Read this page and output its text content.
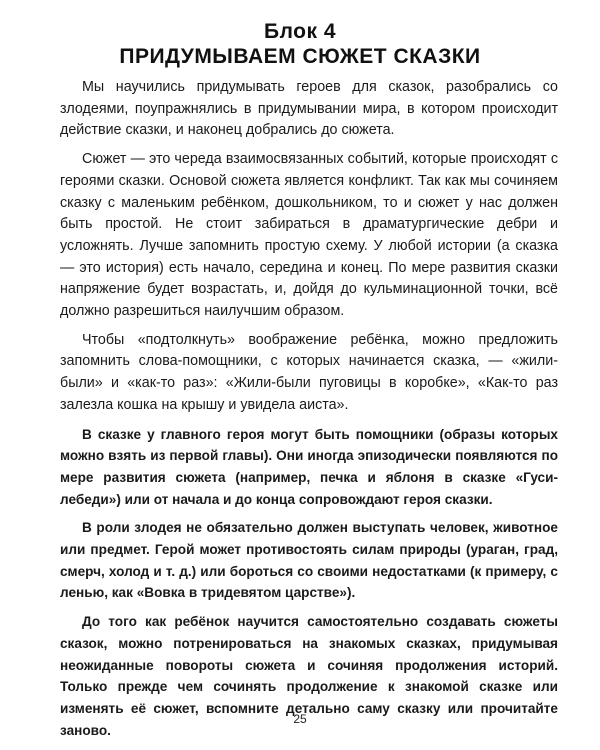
Блок 4
ПРИДУМЫВАЕМ СЮЖЕТ СКАЗКИ

Мы научились придумывать героев для сказок, разобрались со злодеями, поупражнялись в придумывании мира, в котором происходит действие сказки, и наконец добрались до сюжета.

Сюжет — это череда взаимосвязанных событий, которые происходят с героями сказки. Основой сюжета является конфликт. Так как мы сочиняем сказку с маленьким ребёнком, дошкольником, то и сюжет у нас должен быть простой. Не стоит забираться в драматургические дебри и усложнять. Лучше запомнить простую схему. У любой истории (а сказка — это история) есть начало, середина и конец. По мере развития сказки напряжение будет возрастать, и, дойдя до кульминационной точки, всё должно разрешиться наилучшим образом.

Чтобы «подтолкнуть» воображение ребёнка, можно предложить запомнить слова-помощники, с которых начинается сказка, — «жили-были» и «как-то раз»: «Жили-были пуговицы в коробке», «Как-то раз залезла кошка на крышу и увидела аиста».

В сказке у главного героя могут быть помощники (образы которых можно взять из первой главы). Они иногда эпизодически появляются по мере развития сюжета (например, печка и яблоня в сказке «Гуси-лебеди») или от начала и до конца сопровождают героя сказки.

В роли злодея не обязательно должен выступать человек, животное или предмет. Герой может противостоять силам природы (ураган, град, смерч, холод и т. д.) или бороться со своими недостатками (к примеру, с ленью, как «Вовка в тридевятом царстве»).

До того как ребёнок научится самостоятельно создавать сюжеты сказок, можно потренироваться на знакомых сказках, придумывая неожиданные повороты сюжета и сочиняя продолжения историй. Только прежде чем сочинять продолжение к знакомой сказке или изменять её сюжет, вспомните детально саму сказку или прочитайте заново.

25
